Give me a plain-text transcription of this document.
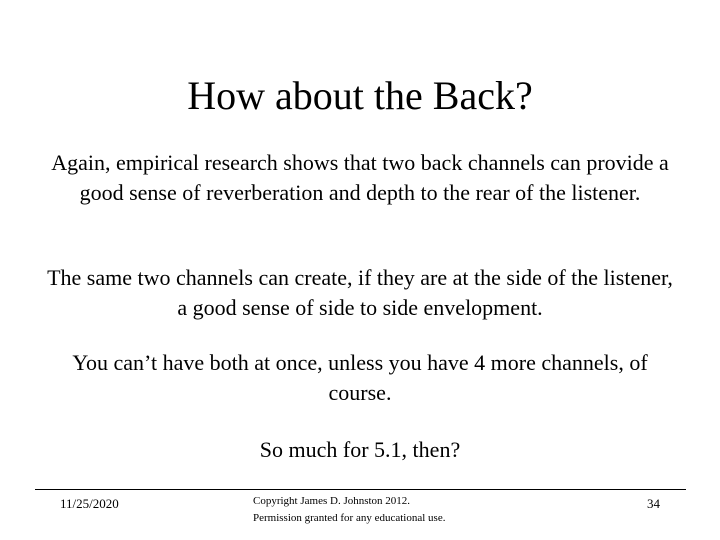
How about the Back?
Again, empirical research shows that two back channels can provide a good sense of reverberation and depth to the rear of the listener.
The same two channels can create, if they are at the side of the listener, a good sense of side to side envelopment.
You can’t have both at once, unless you have 4 more channels, of course.
So much for 5.1, then?
11/25/2020	Copyright James D. Johnston 2012.
Permission granted for any educational use.
34
